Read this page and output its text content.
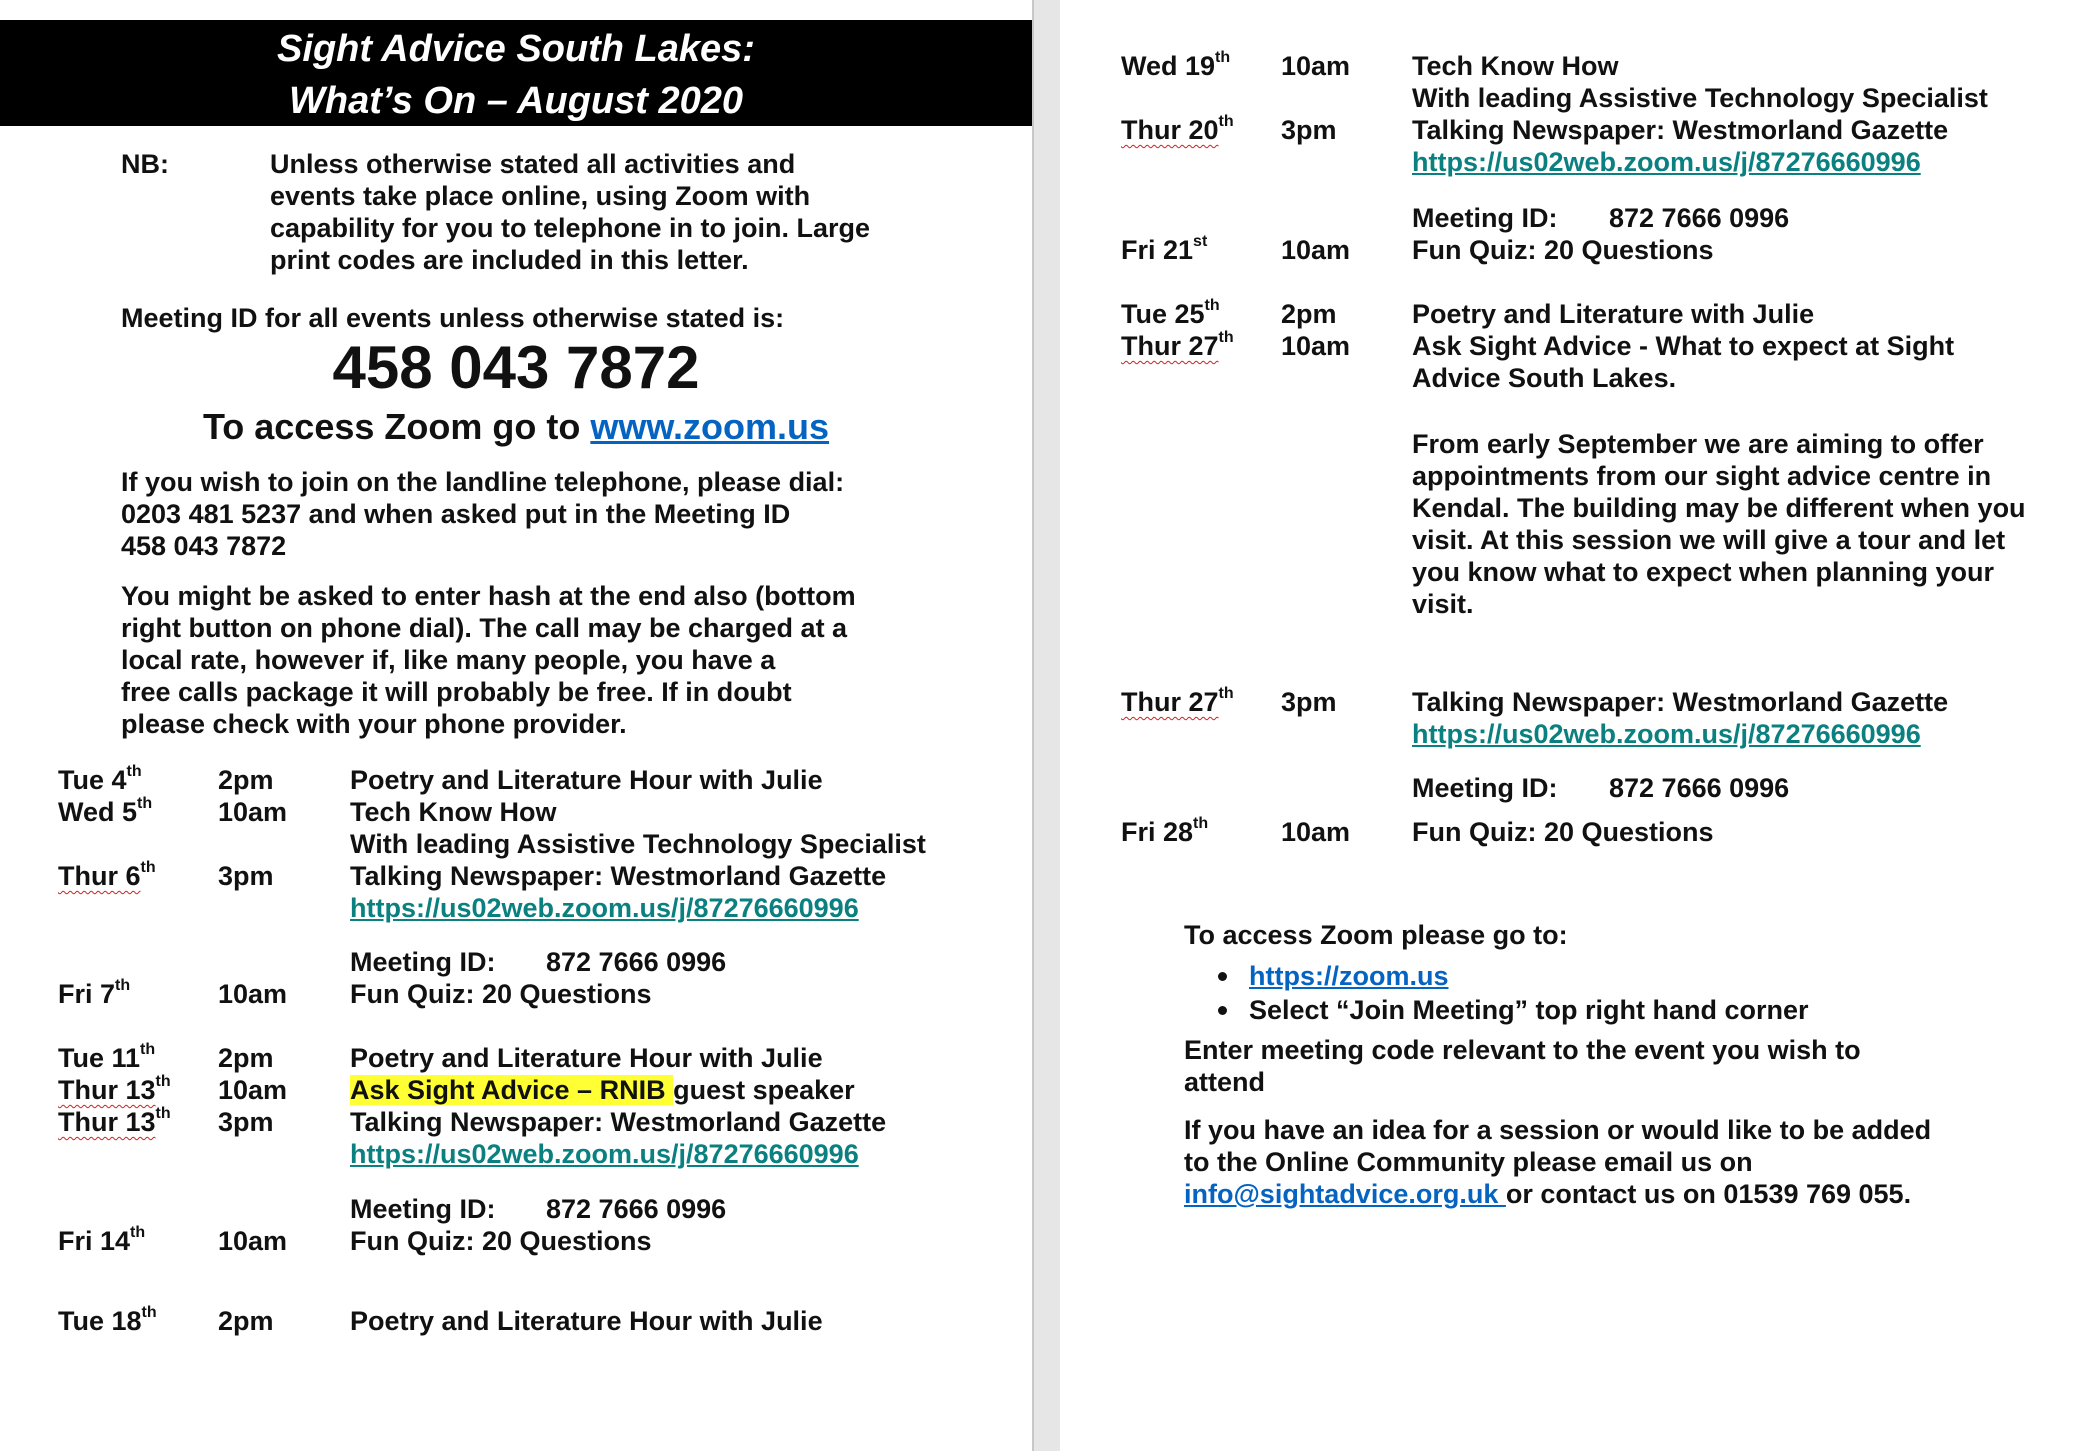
Sight Advice South Lakes:
What’s On – August 2020
NB:	Unless otherwise stated all activities and
events take place online, using Zoom with
capability for you to telephone in to join. Large
print codes are included in this letter.
Meeting ID for all events unless otherwise stated is:
458 043 7872
To access Zoom go to www.zoom.us
If you wish to join on the landline telephone, please dial:
0203 481 5237 and when asked put in the Meeting ID
458 043 7872
You might be asked to enter hash at the end also (bottom
right button on phone dial). The call may be charged at a
local rate, however if, like many people, you have a
free calls package it will probably be free. If in doubt
please check with your phone provider.
Tue 4th	2pm	Poetry and Literature Hour with Julie
Wed 5th 10am Tech Know How
With leading Assistive Technology Specialist
Thur 6th 3pm	Talking Newspaper: Westmorland Gazette
https://us02web.zoom.us/j/87276660996
Meeting ID: 872 7666 0996
Fri 7th	10am Fun Quiz: 20 Questions
Tue 11th 2pm	Poetry and Literature Hour with Julie
Thur 13th 10am Ask Sight Advice – RNIB guest speaker
Thur 13th 3pm	Talking Newspaper: Westmorland Gazette
https://us02web.zoom.us/j/87276660996
Meeting ID: 872 7666 0996
Fri 14th	10am Fun Quiz: 20 Questions
Tue 18th 2pm	Poetry and Literature Hour with Julie
Wed 19th 10am Tech Know How
With leading Assistive Technology Specialist
Thur 20th 3pm	Talking Newspaper: Westmorland Gazette
https://us02web.zoom.us/j/87276660996
Meeting ID: 872 7666 0996
Fri 21st	10am Fun Quiz: 20 Questions
Tue 25th 2pm	Poetry and Literature with Julie
Thur 27th 10am Ask Sight Advice - What to expect at Sight
Advice South Lakes.
From early September we are aiming to offer
appointments from our sight advice centre in
Kendal. The building may be different when you
visit. At this session we will give a tour and let
you know what to expect when planning your
visit.
Thur 27th 3pm	Talking Newspaper: Westmorland Gazette
https://us02web.zoom.us/j/87276660996
Meeting ID: 872 7666 0996
Fri 28th	10am Fun Quiz: 20 Questions
To access Zoom please go to:
https://zoom.us
Select “Join Meeting” top right hand corner
Enter meeting code relevant to the event you wish to
attend
If you have an idea for a session or would like to be added
to the Online Community please email us on
info@sightadvice.org.uk or contact us on 01539 769 055.
